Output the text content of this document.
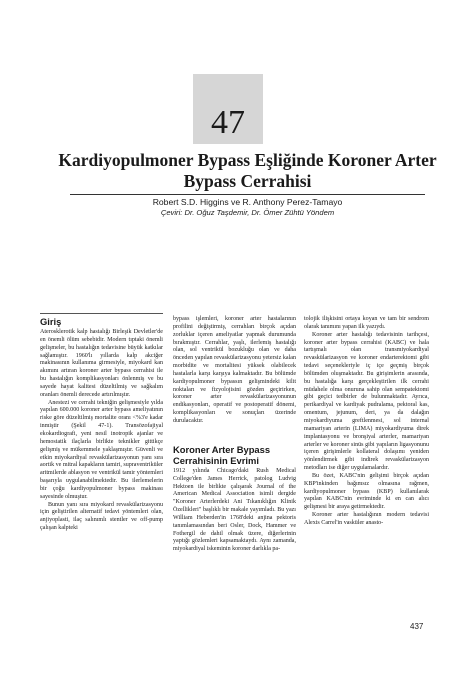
47
Kardiyopulmoner Bypass Eşliğinde Koroner Arter
Bypass Cerrahisi
Robert S.D. Higgins ve R. Anthony Perez-Tamayo
Çeviri: Dr. Oğuz Taşdemir, Dr. Ömer Zühtü Yöndem
Giriş

Aterosklerotik kalp hastalığı Birleşik Devletler'de en önemli ölüm sebebidir. Modern tıptaki önemli gelişmeler, bu hastalığın tedavisine büyük katkılar sağlamıştır. 1960'lı yıllarda kalp akciğer makinasının kullanıma girmesiyle, miyokard kan akımını artıran koroner arter bypass cerrahisi ile bu hastalığın komplikasyonları önlenmiş ve bu sayede hayat kalitesi düzeltilmiş ve sağkalım oranları önemli derecede artırılmıştır.

Anestezi ve cerrahi tekniğin gelişmesiyle yılda yapılan 600.000 koroner arter bypass ameliyatının riske göre düzeltilmiş mortalite oranı <%3'e kadar inmiştir (Şekil 47-1). Transözofajiyal ekokardiografi, yeni nesil inotropik ajanlar ve hemostatik ilaçlarla birlikte teknikler gittikçe gelişmiş ve mükemmele yaklaşmıştır. Güvenli ve etkin miyokardiyal revaskülarizasyonun yanı sıra aortik ve mitral kapakların tamiri, supraventriküler aritmilerde ablasyon ve ventrikül tamir yöntemleri başarıyla uygulanabilmektedir. Bu ilerlemelerin bir çoğu kardiyopulmoner bypass makinası sayesinde olmuştur.

Bunun yanı sıra miyokard revaskülarizasyonu için geliştirilen alternatif tedavi yöntemleri olan, anjiyoplasti, ilaç salınımlı stentler ve off-pump çalışan kalpteki

bypass işlemleri, koroner arter hastalarının profilini değiştirmiş, cerrahları birçok açıdan zorluklar içeren ameliyatlar yapmak durumunda bırakmıştır. Cerrahlar, yaşlı, ilerlemiş hastalığı olan, sol ventrikül bozukluğu olan ve daha önceden yapılan revaskülarizasyonu yetersiz kalan morbidite ve mortalitesi yüksek olabilecek hastalarla karşı karşıya kalmaktadır. Bu bölümde kardiyopulmoner bypassın gelişmindeki kilit noktaları ve fizyolojisini gözden geçirirken, koroner arter revaskülarizasyonunun endikasyonları, operatif ve postoperatif dönemi, komplikasyonları ve sonuçları üzerinde durulacaktır.

Koroner Arter Bypass
Cerrahisinin Evrimi

1912 yılında Chicago'daki Rush Medical College'den James Herrick, patolog Ludvig Hektoen ile birlikte çalışarak Journal of the American Medical Association isimli dergide "Koroner Arterlerdeki Ani Tıkanıklığın Klinik Özellikleri" başlıklı bir makale yayımladı. Bu yazı William Heberden'in 1768'deki anjina pektoris tanımlamasından beri Osler, Dock, Hammer ve Fothergil de dahil olmak üzere, diğerlerinin yaptığı gözlemleri kapsamaktaydı. Aynı zamanda, miyokardiyal iskeminin koroner darlıkla pa-

tolojik ilişkisini ortaya koyan ve tam bir sendrom olarak tanımını yapan ilk yazıydı.

Koroner arter hastalığı tedavisinin tarihçesi, koroner arter bypass cerrahisi (KABC) ve hala tartışmalı olan transmiyokardiyal revaskülarizasyon ve koroner endarterektomi gibi tedavi seçenekleriyle iç içe geçmiş birçok bölümden oluşmaktadır. Bu girişimlerin arasında, bu hastalığa karşı gerçekleştirilen ilk cerrahi müdahele olma onuruna sahip olan sempatektomi gibi geçici tedbirler de bulunmaktadır. Ayrıca, perikardiyal ve kardiyak pudralama, pektoral kas, omentum, jejunum, deri, ya da dalağın miyokardiyuma greftlenmesi, sol internal mamariyan arterin (LIMA) miyokardiyuma direk implantasyonu ve bronşiyal arterler, mamariyan arterler ve koroner sinüs gibi yapıların ligasyonunu içeren girişimlerle kollateral dolaşımı yeniden yönlendirmek gibi indirek revaskülarizasyon metodları ise diğer uygulamalardır.

Bu özet, KABC'nin gelişimi birçok açıdan KBP'inkinden bağımsız olmasına rağmen, kardiyopulmoner bypass (KBP) kullanılarak yapılan KABC'nin evriminde ki en can alıcı gelişmesi bir araya getirmektedir.

Koroner arter hastalığının modern tedavisi Alexis Carrel'in vasküler anasto-

437
